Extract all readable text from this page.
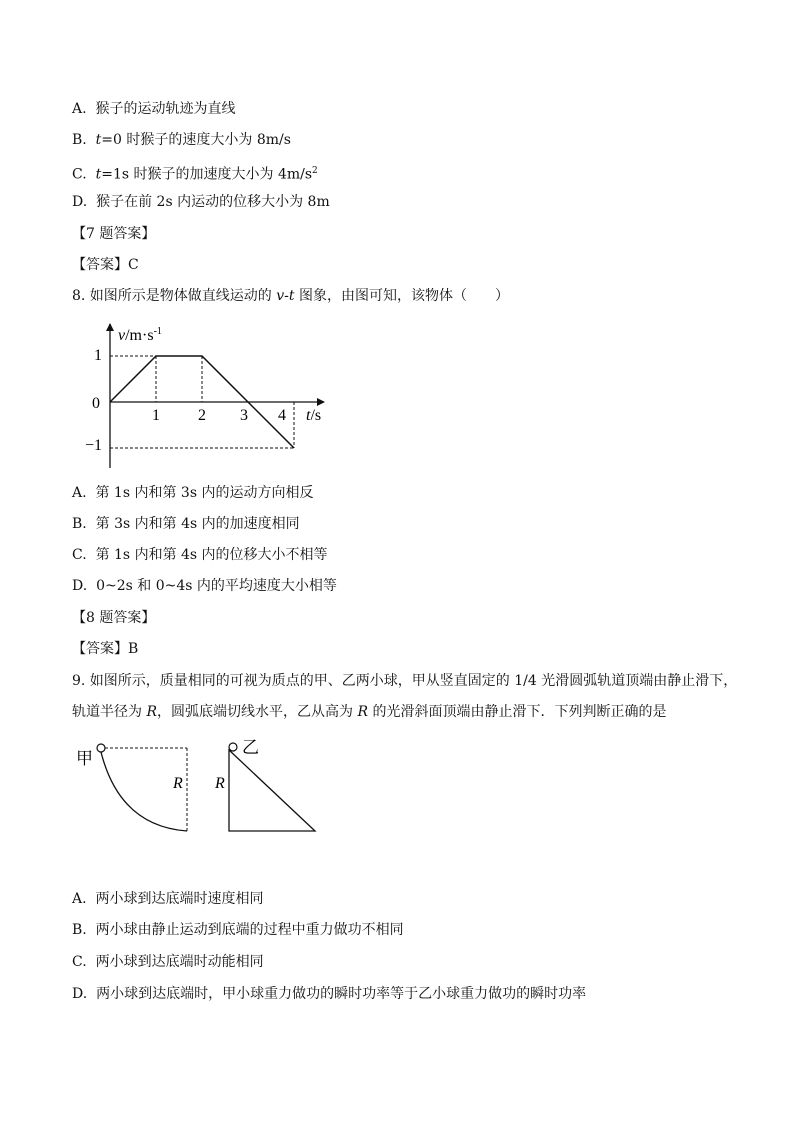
A. 猴子的运动轨迹为直线
B. t=0 时猴子的速度大小为 8m/s
C. t=1s 时猴子的加速度大小为 $4m/s^2$
D. 猴子在前 2s 内运动的位移大小为 8m
【7 题答案】
【答案】C
8. 如图所示是物体做直线运动的 v-t 图象，由图可知，该物体（　　）
$v/m\cdot s^{-1}$
t/s
1
0
−1
1 2 3 4
A. 第 1s 内和第 3s 内的运动方向相反
B. 第 3s 内和第 4s 内的加速度相同
C. 第 1s 内和第 4s 内的位移大小不相等
D. 0~2s 和 0~4s 内的平均速度大小相等
【8 题答案】
【答案】B
9. 如图所示，质量相同的可视为质点的甲、乙两小球，甲从竖直固定的 1/4 光滑圆弧轨道顶端由静止滑下，
轨道半径为 R，圆弧底端切线水平，乙从高为 R 的光滑斜面顶端由静止滑下．下列判断正确的是
甲
R
乙
R
A. 两小球到达底端时速度相同
B. 两小球由静止运动到底端的过程中重力做功不相同
C. 两小球到达底端时动能相同
D. 两小球到达底端时，甲小球重力做功的瞬时功率等于乙小球重力做功的瞬时功率
